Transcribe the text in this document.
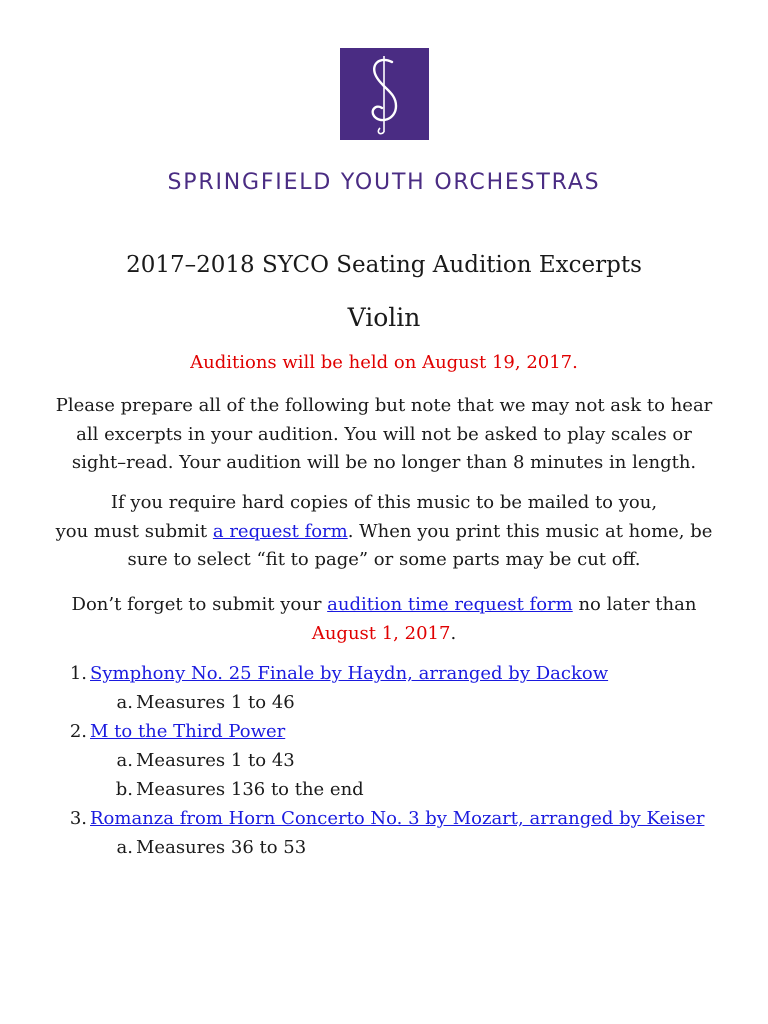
SPRINGFIELD YOUTH ORCHESTRAS
2017–2018 SYCO Seating Audition Excerpts
Violin
Auditions will be held on August 19, 2017.
Please prepare all of the following but note that we may not ask to hear
all excerpts in your audition. You will not be asked to play scales or
sight–read. Your audition will be no longer than 8 minutes in length.
If you require hard copies of this music to be mailed to you,
you must submit a request form. When you print this music at home, be
sure to select “fit to page” or some parts may be cut off.
Don’t forget to submit your audition time request form no later than
August 1, 2017.
1. Symphony No. 25 Finale by Haydn, arranged by Dackow
a. Measures 1 to 46
2. M to the Third Power
a. Measures 1 to 43
b. Measures 136 to the end
3. Romanza from Horn Concerto No. 3 by Mozart, arranged by Keiser
a. Measures 36 to 53
